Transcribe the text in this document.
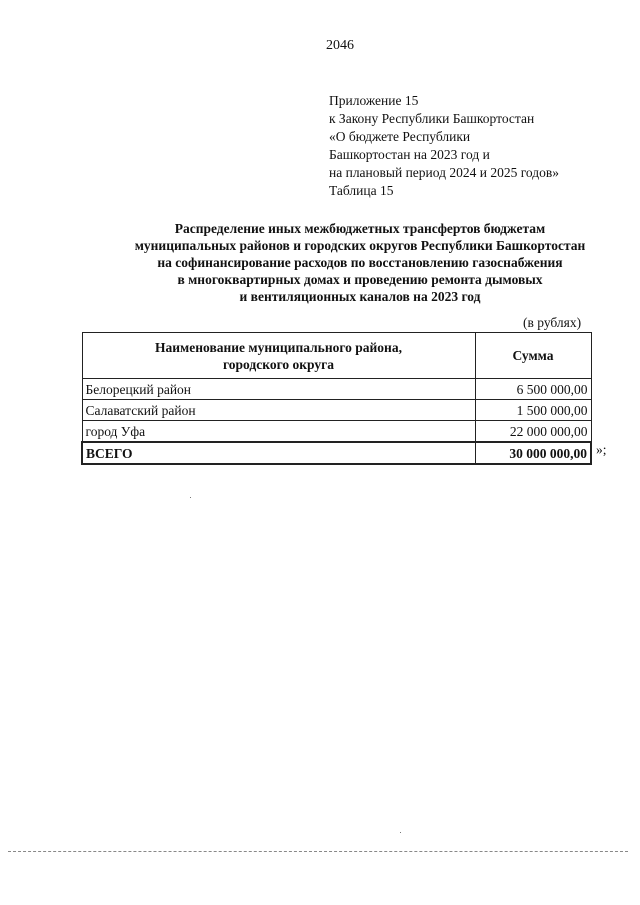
2046
Приложение 15
к Закону Республики Башкортостан
«О бюджете Республики
Башкортостан на 2023 год и
на плановый период 2024 и 2025 годов»
Таблица 15
Распределение иных межбюджетных трансфертов бюджетам
муниципальных районов и городских округов Республики Башкортостан
на софинансирование расходов по восстановлению газоснабжения
в многоквартирных домах и проведению ремонта дымовых
и вентиляционных каналов на 2023 год
(в рублях)
Наименование муниципального района,
городского округа	Сумма
Белорецкий район	6 500 000,00
Салаватский район	1 500 000,00
город Уфа	22 000 000,00
ВСЕГО	30 000 000,00 »;
